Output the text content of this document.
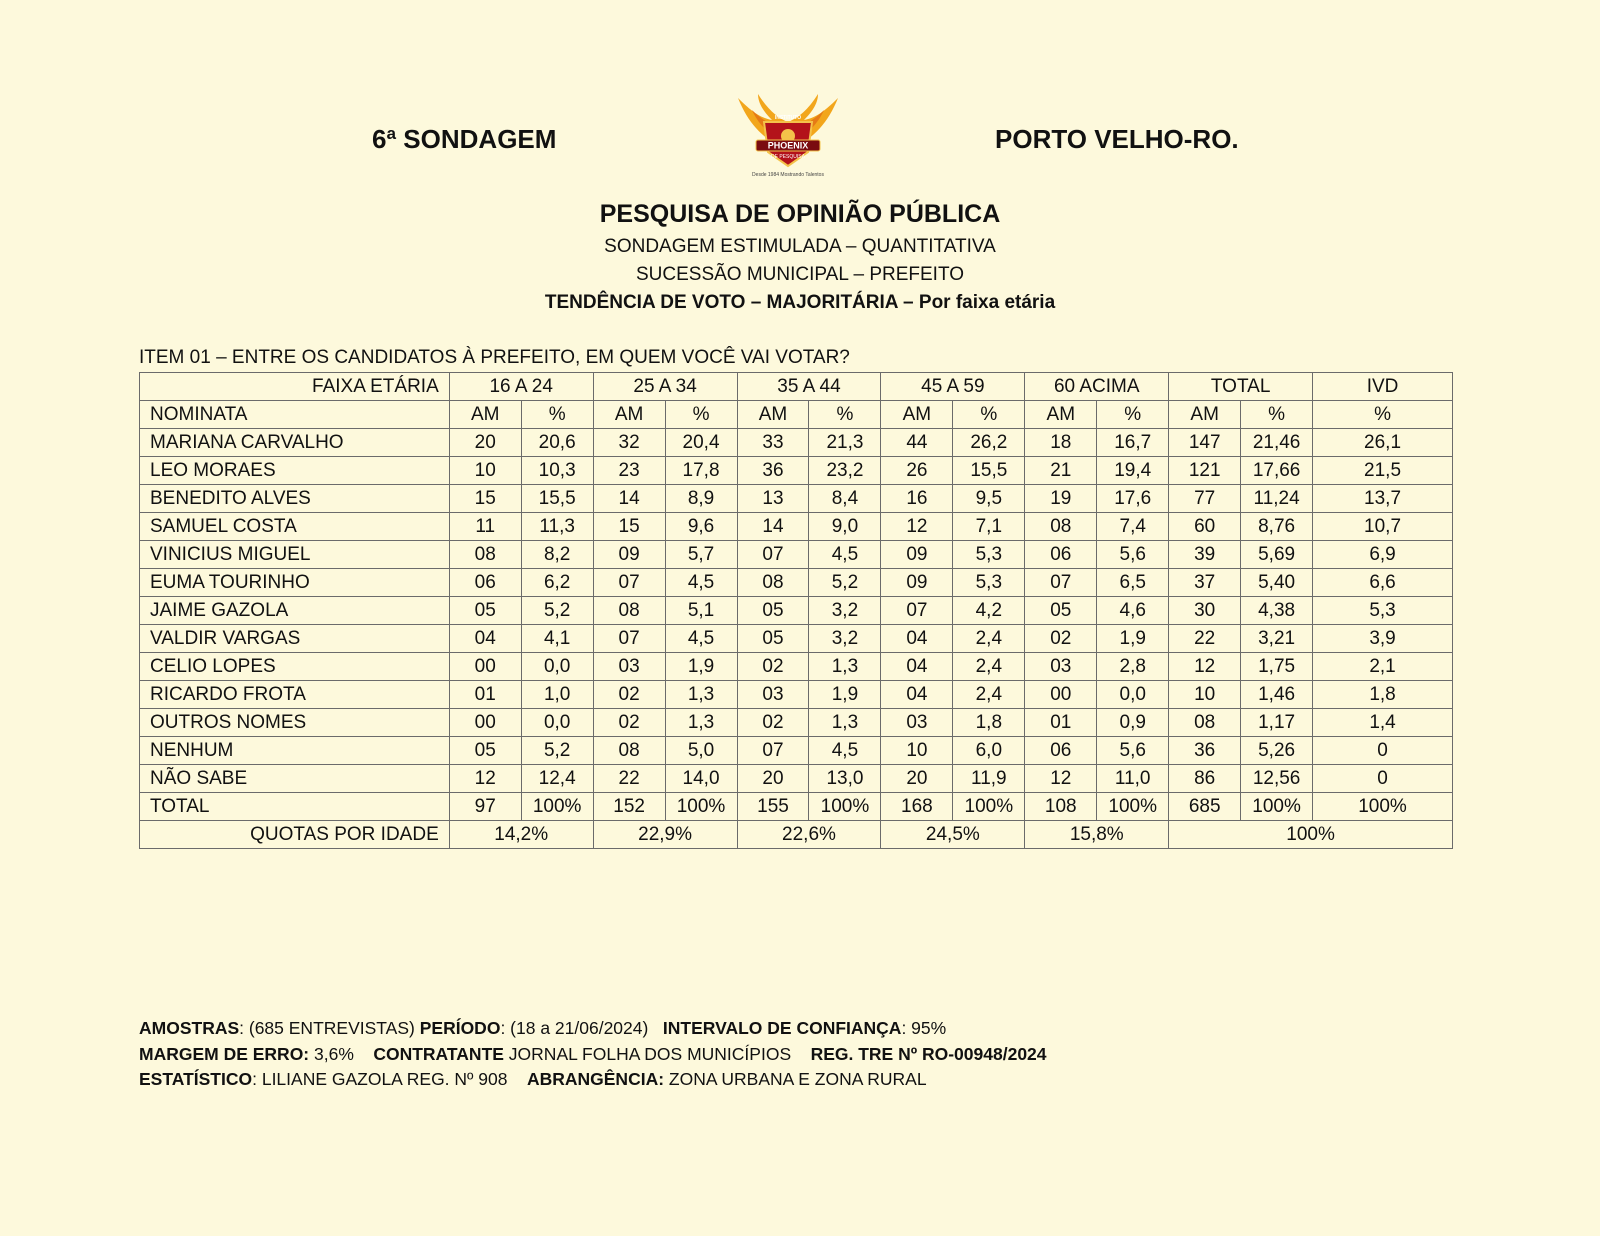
6ª SONDAGEM	PORTO VELHO-RO.
PHOENIX
INSTITUTO
DE PESQUISA
Desde 1984 Mostrando Talentos
PESQUISA DE OPINIÃO PÚBLICA
SONDAGEM ESTIMULADA – QUANTITATIVA
SUCESSÃO MUNICIPAL – PREFEITO
TENDÊNCIA DE VOTO – MAJORITÁRIA – Por faixa etária
ITEM 01 – ENTRE OS CANDIDATOS À PREFEITO, EM QUEM VOCÊ VAI VOTAR?
FAIXA ETÁRIA	16 A 24		25 A 34		35 A 44		45 A 59		60 ACIMA		TOTAL		IVD
NOMINATA	AM	%	AM	%	AM	%	AM	%	AM	%	AM	%	%
MARIANA CARVALHO	20	20,6	32	20,4	33	21,3	44	26,2	18	16,7	147	21,46	26,1
LEO MORAES	10	10,3	23	17,8	36	23,2	26	15,5	21	19,4	121	17,66	21,5
BENEDITO ALVES	15	15,5	14	8,9	13	8,4	16	9,5	19	17,6	77	11,24	13,7
SAMUEL COSTA	11	11,3	15	9,6	14	9,0	12	7,1	08	7,4	60	8,76	10,7
VINICIUS MIGUEL	08	8,2	09	5,7	07	4,5	09	5,3	06	5,6	39	5,69	6,9
EUMA TOURINHO	06	6,2	07	4,5	08	5,2	09	5,3	07	6,5	37	5,40	6,6
JAIME GAZOLA	05	5,2	08	5,1	05	3,2	07	4,2	05	4,6	30	4,38	5,3
VALDIR VARGAS	04	4,1	07	4,5	05	3,2	04	2,4	02	1,9	22	3,21	3,9
CELIO LOPES	00	0,0	03	1,9	02	1,3	04	2,4	03	2,8	12	1,75	2,1
RICARDO FROTA	01	1,0	02	1,3	03	1,9	04	2,4	00	0,0	10	1,46	1,8
OUTROS NOMES	00	0,0	02	1,3	02	1,3	03	1,8	01	0,9	08	1,17	1,4
NENHUM	05	5,2	08	5,0	07	4,5	10	6,0	06	5,6	36	5,26	0
NÃO SABE	12	12,4	22	14,0	20	13,0	20	11,9	12	11,0	86	12,56	0
TOTAL	97	100%	152	100%	155	100%	168	100%	108	100%	685	100%	100%
QUOTAS POR IDADE	14,2%		22,9%		22,6%		24,5%		15,8%		100%		
AMOSTRAS: (685 ENTREVISTAS) PERÍODO: (18 a 21/06/2024) INTERVALO DE CONFIANÇA: 95%
MARGEM DE ERRO: 3,6% CONTRATANTE JORNAL FOLHA DOS MUNICÍPIOS REG. TRE Nº RO-00948/2024
ESTATÍSTICO: LILIANE GAZOLA REG. Nº 908 ABRANGÊNCIA: ZONA URBANA E ZONA RURAL
